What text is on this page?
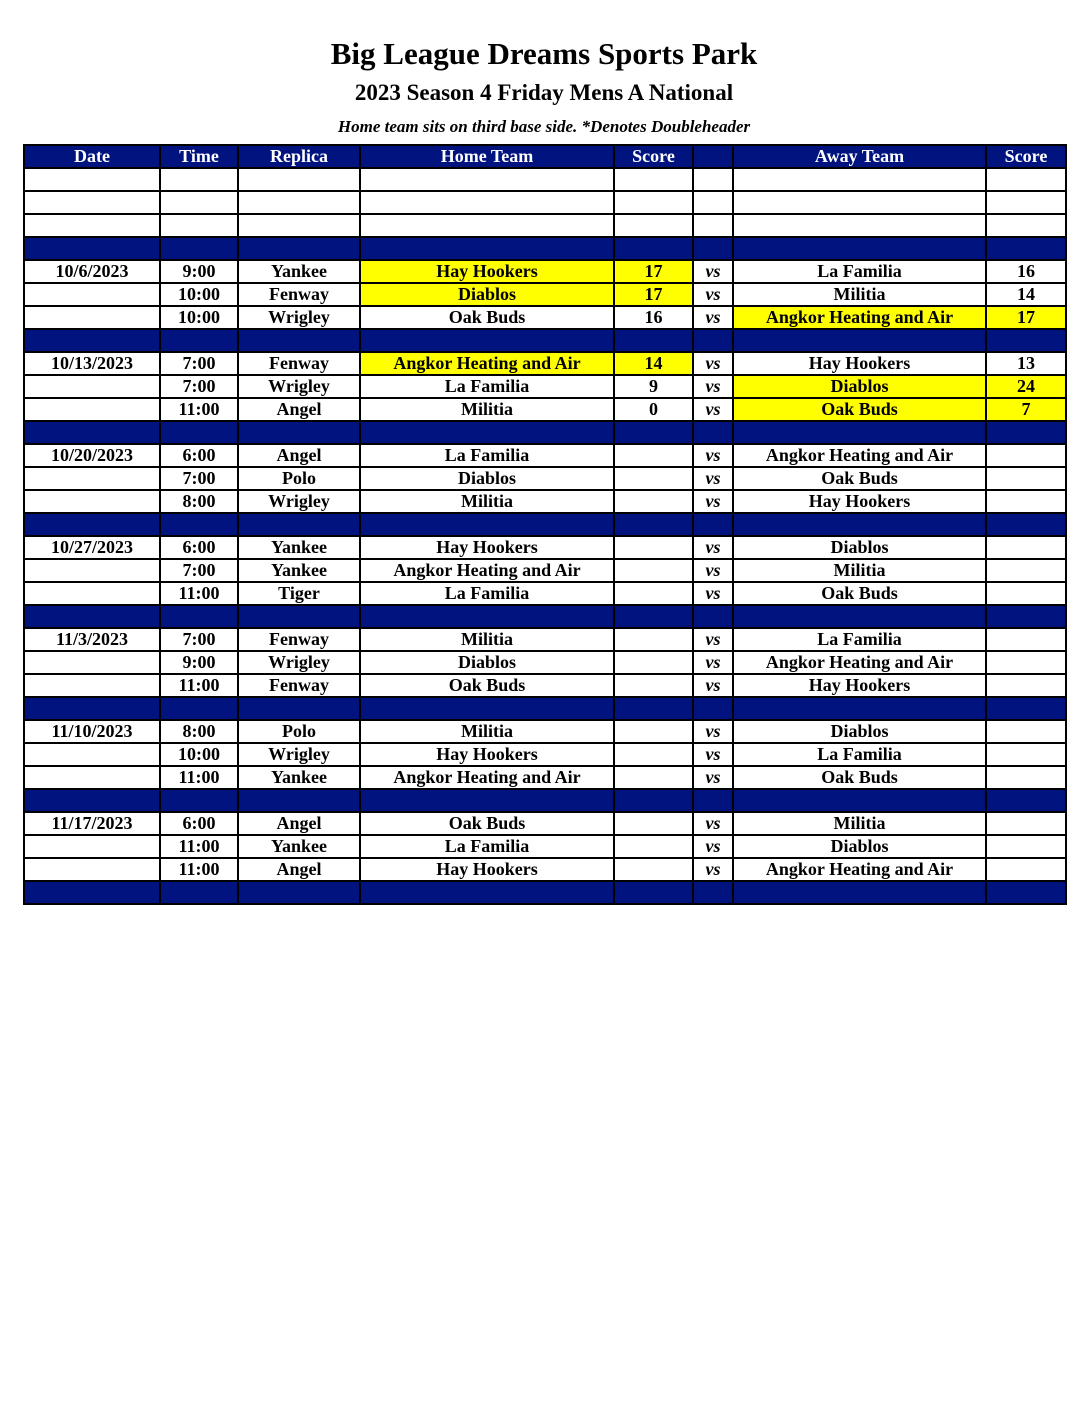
Big League Dreams Sports Park
2023 Season 4 Friday Mens A National
Home team sits on third base side. *Denotes Doubleheader
Date	Time	Replica	Home Team	Score		Away Team	Score

10/6/2023	9:00	Yankee	Hay Hookers	17	vs	La Familia	16
	10:00	Fenway	Diablos	17	vs	Militia	14
	10:00	Wrigley	Oak Buds	16	vs	Angkor Heating and Air	17

10/13/2023	7:00	Fenway	Angkor Heating and Air	14	vs	Hay Hookers	13
	7:00	Wrigley	La Familia	9	vs	Diablos	24
	11:00	Angel	Militia	0	vs	Oak Buds	7

10/20/2023	6:00	Angel	La Familia		vs	Angkor Heating and Air	
	7:00	Polo	Diablos		vs	Oak Buds	
	8:00	Wrigley	Militia		vs	Hay Hookers	

10/27/2023	6:00	Yankee	Hay Hookers		vs	Diablos	
	7:00	Yankee	Angkor Heating and Air		vs	Militia	
	11:00	Tiger	La Familia		vs	Oak Buds	

11/3/2023	7:00	Fenway	Militia		vs	La Familia	
	9:00	Wrigley	Diablos		vs	Angkor Heating and Air	
	11:00	Fenway	Oak Buds		vs	Hay Hookers	

11/10/2023	8:00	Polo	Militia		vs	Diablos	
	10:00	Wrigley	Hay Hookers		vs	La Familia	
	11:00	Yankee	Angkor Heating and Air		vs	Oak Buds	

11/17/2023	6:00	Angel	Oak Buds		vs	Militia	
	11:00	Yankee	La Familia		vs	Diablos	
	11:00	Angel	Hay Hookers		vs	Angkor Heating and Air	
